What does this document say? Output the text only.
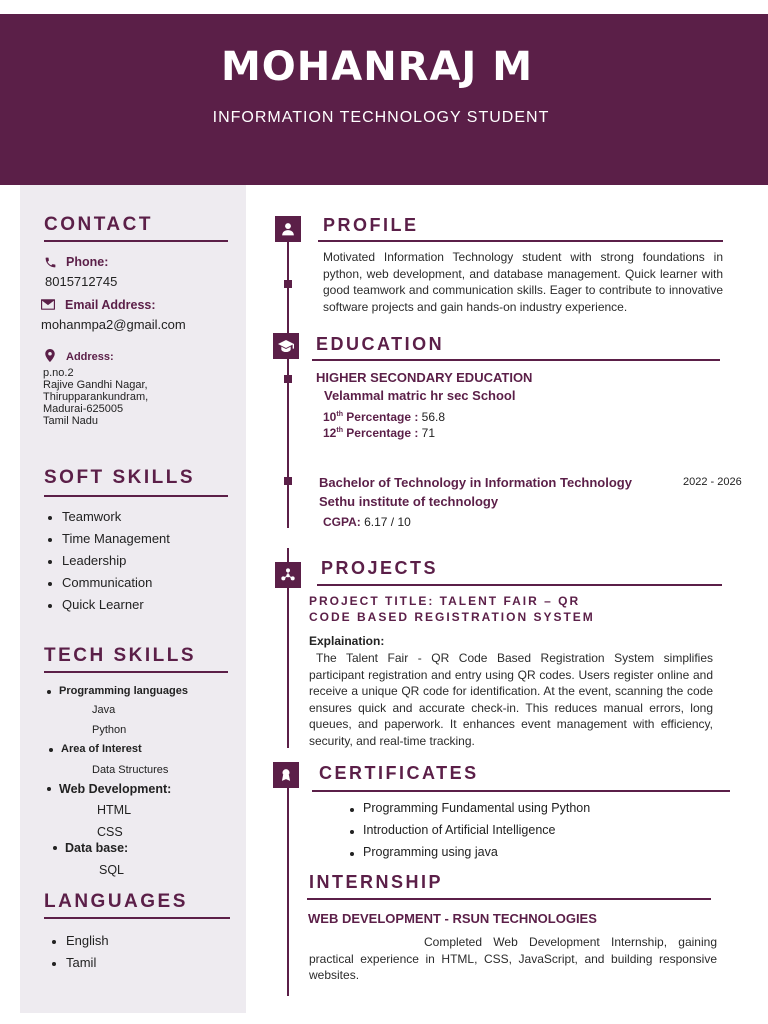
MOHANRAJ M
INFORMATION TECHNOLOGY STUDENT
CONTACT
Phone:
8015712745
Email Address:
mohanmpa2@gmail.com
Address:
p.no.2
Rajive Gandhi Nagar,
Thirupparankundram,
Madurai-625005
Tamil Nadu
SOFT SKILLS
Teamwork
Time Management
Leadership
Communication
Quick Learner
TECH SKILLS
Programming languages
Java
Python
Area of Interest
Data Structures
Web Development:
HTML
CSS
Data base:
SQL
LANGUAGES
English
Tamil
PROFILE
Motivated Information Technology student with strong foundations in python, web development, and database management. Quick learner with good teamwork and communication skills. Eager to contribute to innovative software projects and gain hands-on industry experience.
EDUCATION
HIGHER SECONDARY EDUCATION
Velammal matric hr sec School
10th Percentage : 56.8
12th Percentage : 71
Bachelor of Technology in Information Technology	2022 - 2026
Sethu institute of technology
CGPA: 6.17 / 10
PROJECTS
PROJECT TITLE: TALENT FAIR – QR
CODE BASED REGISTRATION SYSTEM
Explaination:
The Talent Fair - QR Code Based Registration System simplifies participant registration and entry using QR codes. Users register online and receive a unique QR code for identification. At the event, scanning the code ensures quick and accurate check-in. This reduces manual errors, long queues, and paperwork. It enhances event management with efficiency, security, and real-time tracking.
CERTIFICATES
Programming Fundamental using Python
Introduction of Artificial Intelligence
Programming using java
INTERNSHIP
WEB DEVELOPMENT - RSUN TECHNOLOGIES
Completed Web Development Internship, gaining practical experience in HTML, CSS, JavaScript, and building responsive websites.
